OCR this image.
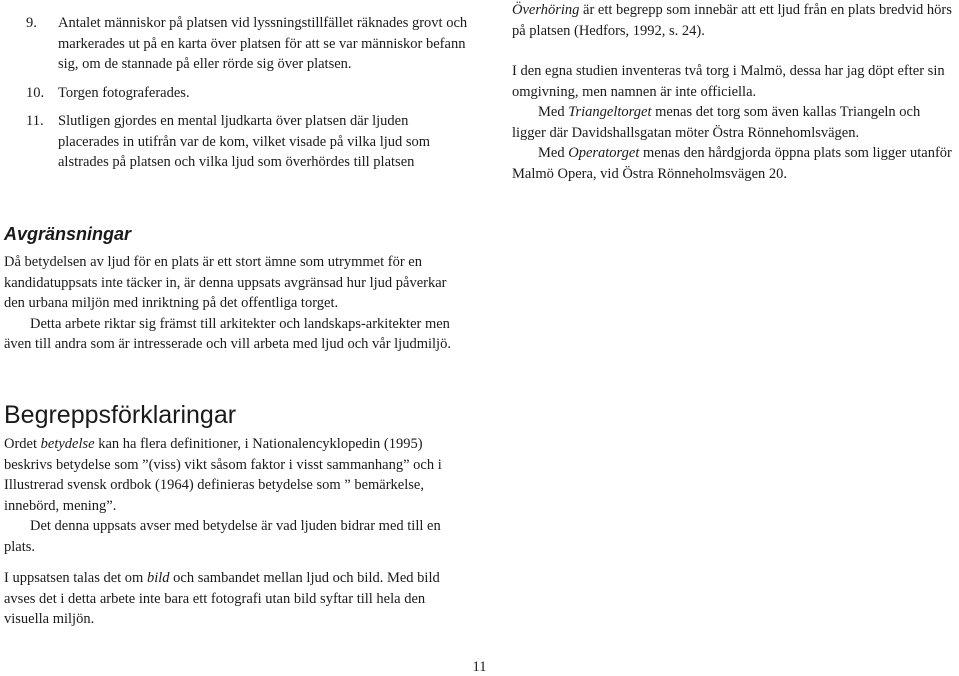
9. Antalet människor på platsen vid lyssningstillfället räknades grovt och markerades ut på en karta över platsen för att se var människor befann sig, om de stannade på eller rörde sig över platsen.

10. Torgen fotograferades.

11. Slutligen gjordes en mental ljudkarta över platsen där ljuden placerades in utifrån var de kom, vilket visade på vilka ljud som alstrades på platsen och vilka ljud som överhördes till platsen

Avgränsningar

Då betydelsen av ljud för en plats är ett stort ämne som utrymmet för en kandidatuppsats inte täcker in, är denna uppsats avgränsad hur ljud påverkar den urbana miljön med inriktning på det offentliga torget.

Detta arbete riktar sig främst till arkitekter och landskaps-arkitekter men även till andra som är intresserade och vill arbeta med ljud och vår ljudmiljö.

Begreppsförklaringar

Ordet betydelse kan ha flera definitioner, i Nationalencyklopedin (1995) beskrivs betydelse som ”(viss) vikt såsom faktor i visst sammanhang” och i Illustrerad svensk ordbok (1964) definieras betydelse som ” bemärkelse, innebörd, mening”.

Det denna uppsats avser med betydelse är vad ljuden bidrar med till en plats.

I uppsatsen talas det om bild och sambandet mellan ljud och bild. Med bild avses det i detta arbete inte bara ett fotografi utan bild syftar till hela den visuella miljön.

Överhöring är ett begrepp som innebär att ett ljud från en plats bredvid hörs på platsen (Hedfors, 1992, s. 24).

I den egna studien inventeras två torg i Malmö, dessa har jag döpt efter sin omgivning, men namnen är inte officiella.

Med Triangeltorget menas det torg som även kallas Triangeln och ligger där Davidshallsgatan möter Östra Rönnehomlsvägen.

Med Operatorget menas den hårdgjorda öppna plats som ligger utanför Malmö Opera, vid Östra Rönneholmsvägen 20.

11
